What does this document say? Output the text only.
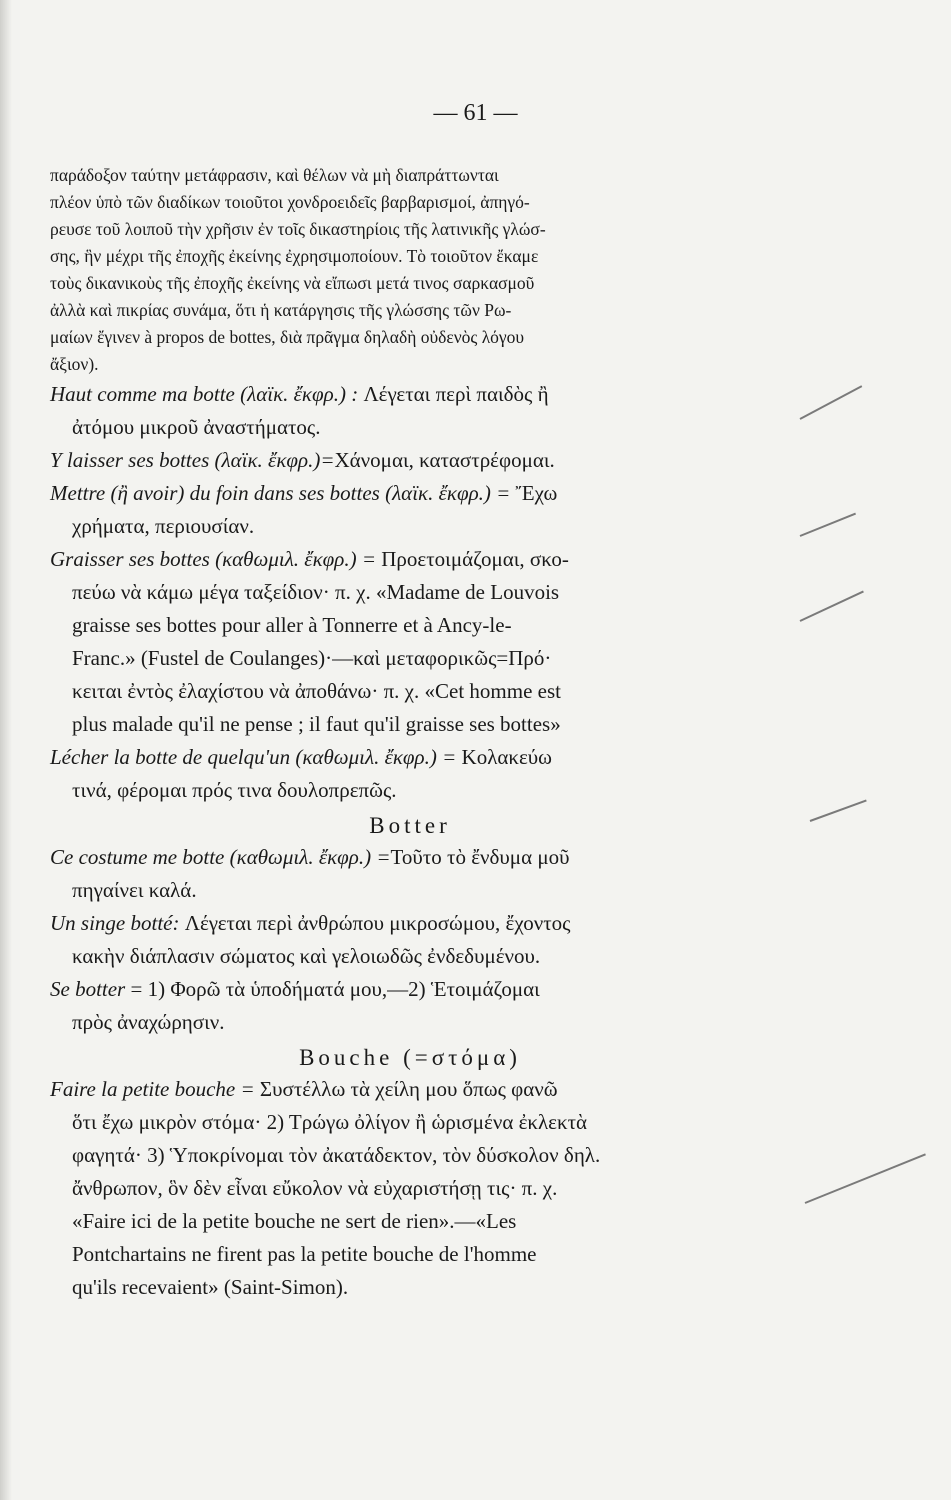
— 61 —
παράδοξον ταύτην μετάφρασιν, καὶ θέλων νὰ μὴ διαπράττωνται
πλέον ὑπὸ τῶν διαδίκων τοιοῦτοι χονδροειδεῖς βαρβαρισμοί, ἀπηγό-
ρευσε τοῦ λοιποῦ τὴν χρῆσιν ἐν τοῖς δικαστηρίοις τῆς λατινικῆς γλώσ-
σης, ἣν μέχρι τῆς ἐποχῆς ἐκείνης ἐχρησιμοποίουν. Τὸ τοιοῦτον ἔκαμε
τοὺς δικανικοὺς τῆς ἐποχῆς ἐκείνης νὰ εἴπωσι μετά τινος σαρκασμοῦ
ἀλλὰ καὶ πικρίας συνάμα, ὅτι ἡ κατάργησις τῆς γλώσσης τῶν Ρω-
μαίων ἔγινεν à propos de bottes, διὰ πρᾶγμα δηλαδὴ οὐδενὸς λόγου
ἄξιον).
Haut comme ma botte (λαϊκ. ἔκφρ.) : Λέγεται περὶ παιδὸς ἢ
ἀτόμου μικροῦ ἀναστήματος.
Y laisser ses bottes (λαϊκ. ἔκφρ.)=Χάνομαι, καταστρέφομαι.
Mettre (ἢ avoir) du foin dans ses bottes (λαϊκ. ἔκφρ.) = Ἔχω
χρήματα, περιουσίαν.
Graisser ses bottes (καθωμιλ. ἔκφρ.) = Προετοιμάζομαι, σκο-
πεύω νὰ κάμω μέγα ταξείδιον· π. χ. «Madame de Louvois
graisse ses bottes pour aller à Tonnerre et à Ancy-le-
Franc.» (Fustel de Coulanges)·—καὶ μεταφορικῶς=Πρό·
κειται ἐντὸς ἐλαχίστου νὰ ἀποθάνω· π. χ. «Cet homme est
plus malade qu'il ne pense ; il faut qu'il graisse ses bottes»
Lécher la botte de quelqu'un (καθωμιλ. ἔκφρ.) = Κολακεύω
τινά, φέρομαι πρός τινα δουλοπρεπῶς.
Botter
Ce costume me botte (καθωμιλ. ἔκφρ.) =Τοῦτο τὸ ἔνδυμα μοῦ
πηγαίνει καλά.
Un singe botté: Λέγεται περὶ ἀνθρώπου μικροσώμου, ἔχοντος
κακὴν διάπλασιν σώματος καὶ γελοιωδῶς ἐνδεδυμένου.
Se botter = 1) Φορῶ τὰ ὑποδήματά μου,—2) Ἑτοιμάζομαι
πρὸς ἀναχώρησιν.
Bouche (=στόμα)
Faire la petite bouche = Συστέλλω τὰ χείλη μου ὅπως φανῶ
ὅτι ἔχω μικρὸν στόμα· 2) Τρώγω ὀλίγον ἢ ὡρισμένα ἐκλεκτὰ
φαγητά· 3) Ὑποκρίνομαι τὸν ἀκατάδεκτον, τὸν δύσκολον δηλ.
ἄνθρωπον, ὃν δὲν εἶναι εὔκολον νὰ εὐχαριστήσῃ τις· π. χ.
«Faire ici de la petite bouche ne sert de rien».—«Les
Pontchartains ne firent pas la petite bouche de l'homme
qu'ils recevaient» (Saint-Simon).
